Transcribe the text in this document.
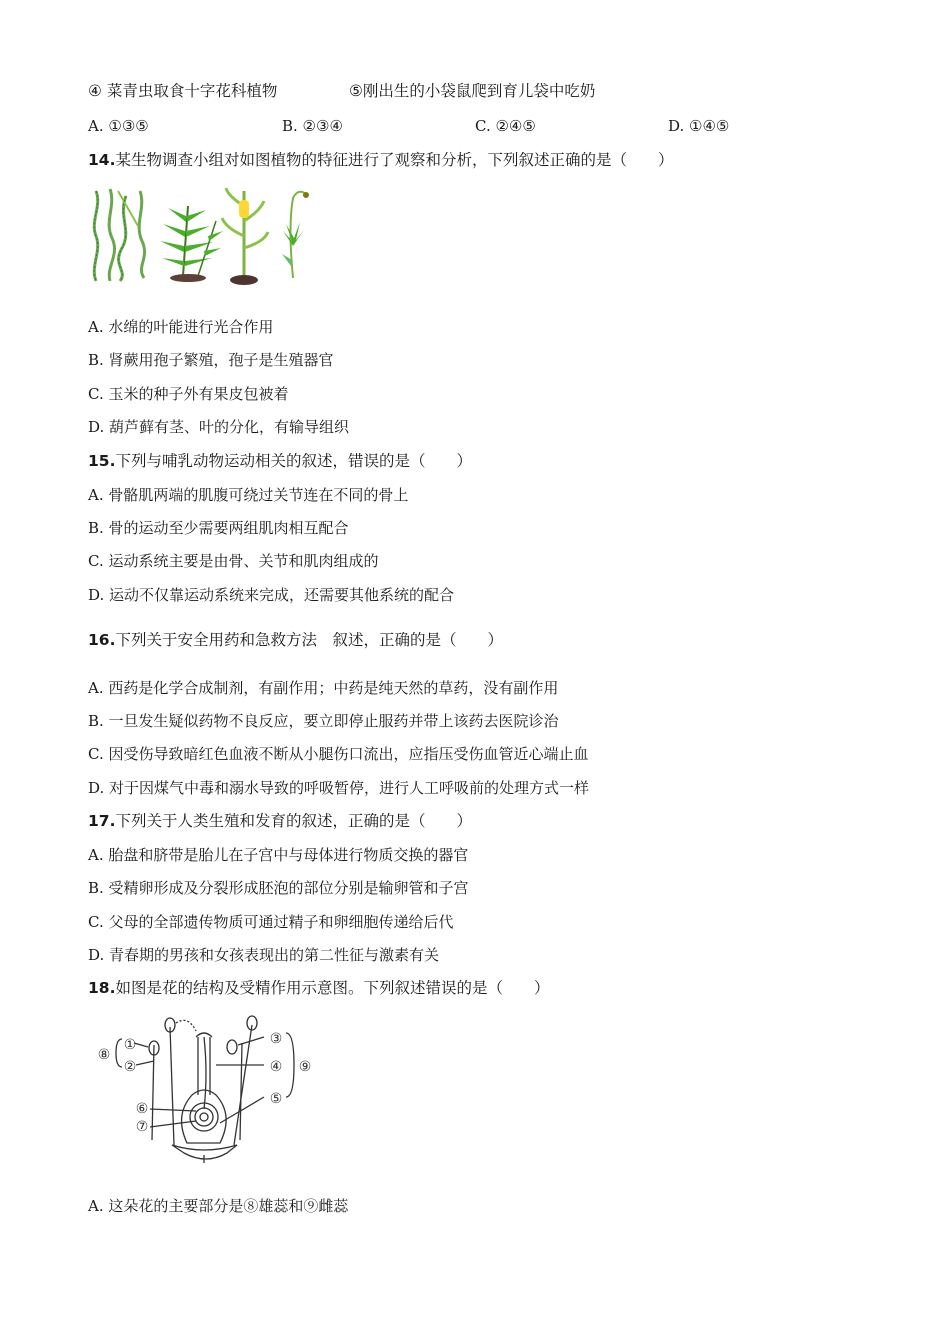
④ 菜青虫取食十字花科植物	⑤刚出生的小袋鼠爬到育儿袋中吃奶
A. ①③⑤	B. ②③④	C. ②④⑤	D. ①④⑤
14.某生物调查小组对如图植物的特征进行了观察和分析，下列叙述正确的是（　　）
A. 水绵的叶能进行光合作用
B. 肾蕨用孢子繁殖，孢子是生殖器官
C. 玉米的种子外有果皮包被着
D. 葫芦藓有茎、叶的分化，有输导组织
15.下列与哺乳动物运动相关的叙述，错误的是（　　）
A. 骨骼肌两端的肌腹可绕过关节连在不同的骨上
B. 骨的运动至少需要两组肌肉相互配合
C. 运动系统主要是由骨、关节和肌肉组成的
D. 运动不仅靠运动系统来完成，还需要其他系统的配合
16.下列关于安全用药和急救方法　叙述，正确的是（　　）
A. 西药是化学合成制剂，有副作用；中药是纯天然的草药，没有副作用
B. 一旦发生疑似药物不良反应，要立即停止服药并带上该药去医院诊治
C. 因受伤导致暗红色血液不断从小腿伤口流出，应指压受伤血管近心端止血
D. 对于因煤气中毒和溺水导致的呼吸暂停，进行人工呼吸前的处理方式一样
17.下列关于人类生殖和发育的叙述，正确的是（　　）
A. 胎盘和脐带是胎儿在子宫中与母体进行物质交换的器官
B. 受精卵形成及分裂形成胚泡的部位分别是输卵管和子宫
C. 父母的全部遗传物质可通过精子和卵细胞传递给后代
D. 青春期的男孩和女孩表现出的第二性征与激素有关
18.如图是花的结构及受精作用示意图。下列叙述错误的是（　　）
①
②
③
④
⑤
⑥
⑦
⑧
⑨
A. 这朵花的主要部分是⑧雄蕊和⑨雌蕊
